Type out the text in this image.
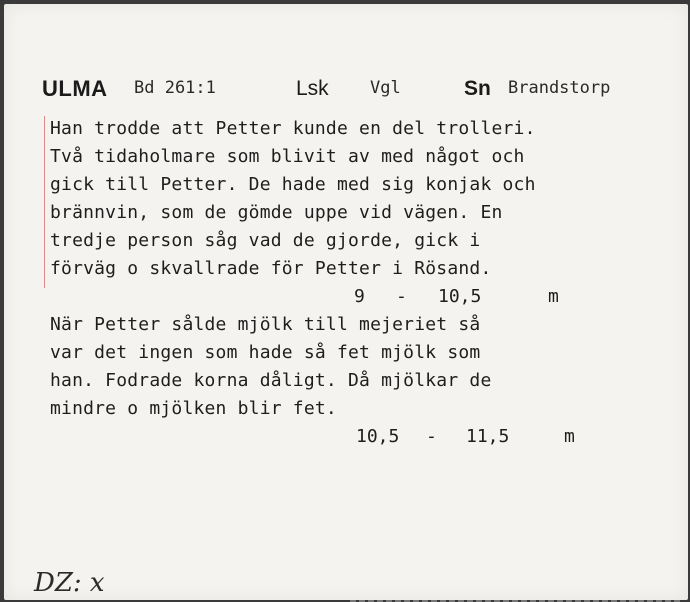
ULMA Bd 261:1	Lsk Vgl	Sn Brandstorp
Han trodde att Petter kunde en del trolleri.
Två tidaholmare som blivit av med något och
gick till Petter. De hade med sig konjak och
brännvin, som de gömde uppe vid vägen. En
tredje person såg vad de gjorde, gick i
förväg o skvallrade för Petter i Rösand.
9 - 10,5	m
När Petter sålde mjölk till mejeriet så
var det ingen som hade så fet mjölk som
han. Fodrade korna dåligt. Då mjölkar de
mindre o mjölken blir fet.
10,5 - 11,5	m
DZ: x
